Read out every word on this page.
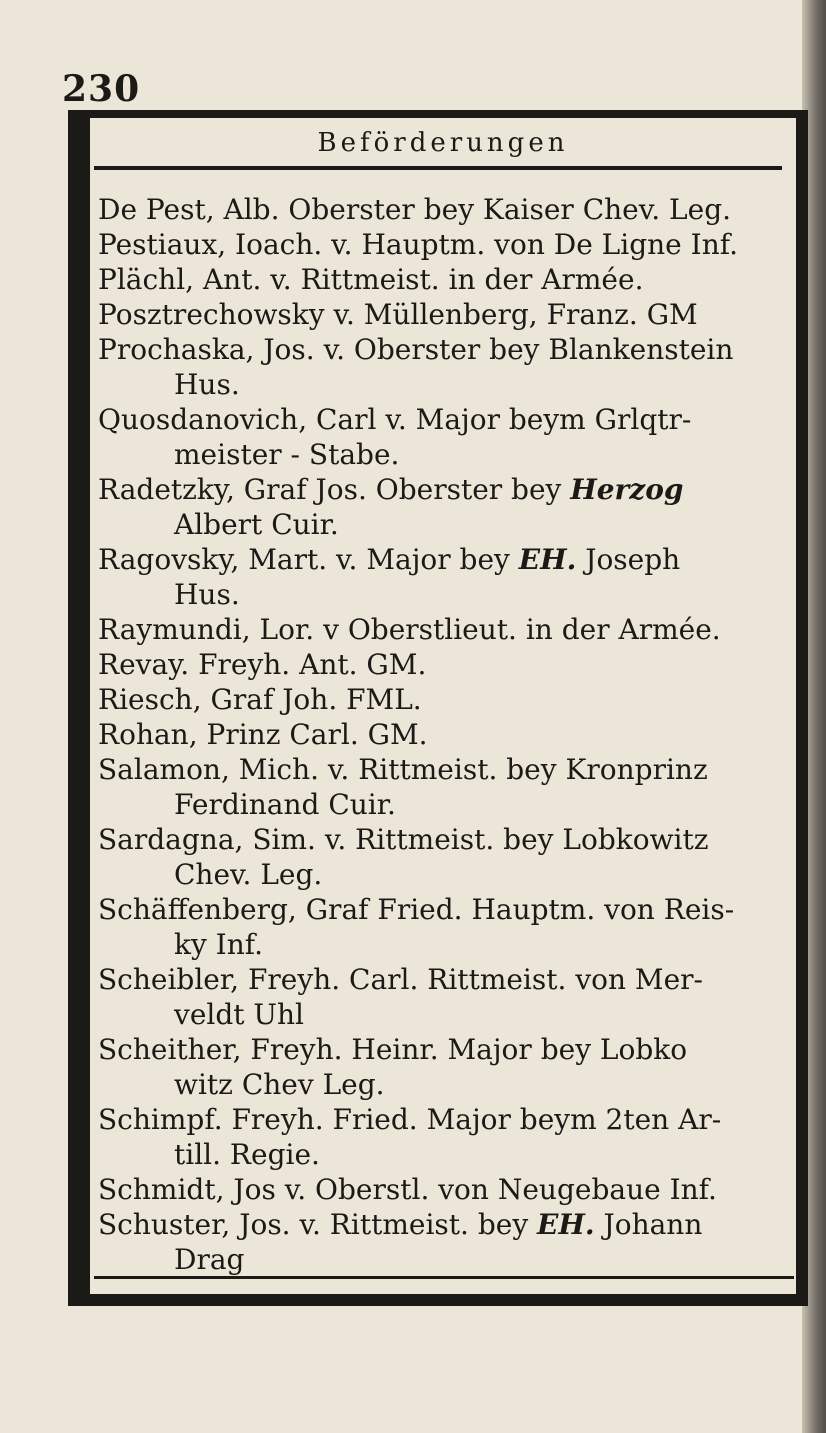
230
Beförderungen
De Pest, Alb. Oberster bey Kaiser Chev. Leg.
Pestiaux, Ioach. v. Hauptm. von De Ligne Inf.
Plächl, Ant. v. Rittmeist. in der Armée.
Posztrechowsky v. Müllenberg, Franz. GM
Prochaska, Jos. v. Oberster bey Blankenstein
Hus.
Quosdanovich, Carl v. Major beym Grlqtr-
meister - Stabe.
Radetzky, Graf Jos. Oberster bey Herzog
Albert Cuir.
Ragovsky, Mart. v. Major bey EH. Joseph
Hus.
Raymundi, Lor. v Oberstlieut. in der Armée.
Revay. Freyh. Ant. GM.
Riesch, Graf Joh. FML.
Rohan, Prinz Carl. GM.
Salamon, Mich. v. Rittmeist. bey Kronprinz
Ferdinand Cuir.
Sardagna, Sim. v. Rittmeist. bey Lobkowitz
Chev. Leg.
Schäffenberg, Graf Fried. Hauptm. von Reis-
ky Inf.
Scheibler, Freyh. Carl. Rittmeist. von Mer-
veldt Uhl
Scheither, Freyh. Heinr. Major bey Lobko
witz Chev Leg.
Schimpf. Freyh. Fried. Major beym 2ten Ar-
till. Regie.
Schmidt, Jos v. Oberstl. von Neugebaue Inf.
Schuster, Jos. v. Rittmeist. bey EH. Johann
Drag
